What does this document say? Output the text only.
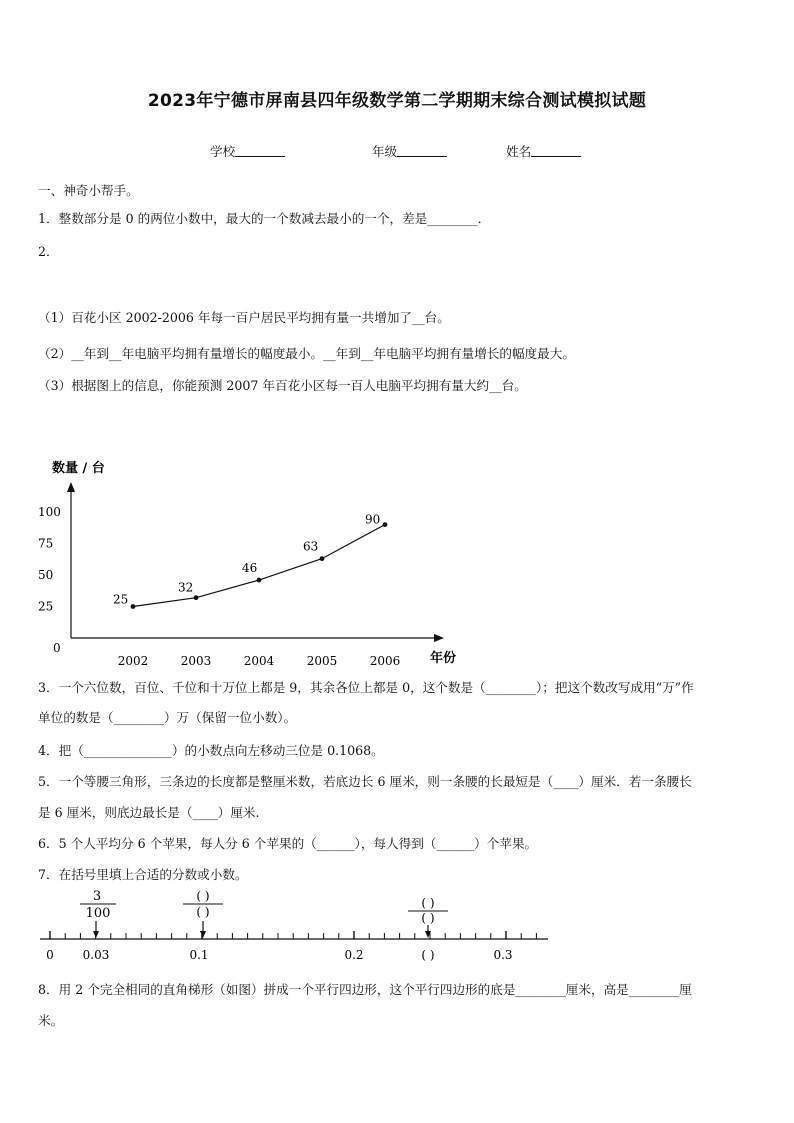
2023年宁德市屏南县四年级数学第二学期期末综合测试模拟试题
学校	年级	姓名
一、神奇小帮手。
1．整数部分是 0 的两位小数中，最大的一个数减去最小的一个，差是________．
2．
（1）百花小区 2002-2006 年每一百户居民平均拥有量一共增加了__台。
（2）__年到__年电脑平均拥有量增长的幅度最小。__年到__年电脑平均拥有量增长的幅度最大。
（3）根据图上的信息，你能预测 2007 年百花小区每一百人电脑平均拥有量大约__台。
数量 / 台
年份
0
25
50
75
100
2002	2003	2004	2005	2006
25
32
46
63
90
3．一个六位数，百位、千位和十万位上都是 9，其余各位上都是 0，这个数是（________）；把这个数改写成用“万”作
单位的数是（________）万（保留一位小数）。
4．把（______________）的小数点向左移动三位是 0.1068。
5．一个等腰三角形，三条边的长度都是整厘米数，若底边长 6 厘米，则一条腰的长最短是（____）厘米．若一条腰长
是 6 厘米，则底边最长是（____）厘米.
6．5 个人平均分 6 个苹果，每人分 6 个苹果的（______），每人得到（______）个苹果。
7．在括号里填上合适的分数或小数。
3
100
( )
( )
( )
( )
0 0.03	0.1	0.2	( )	0.3
8．用 2 个完全相同的直角梯形（如图）拼成一个平行四边形，这个平行四边形的底是________厘米，高是________厘
米。
